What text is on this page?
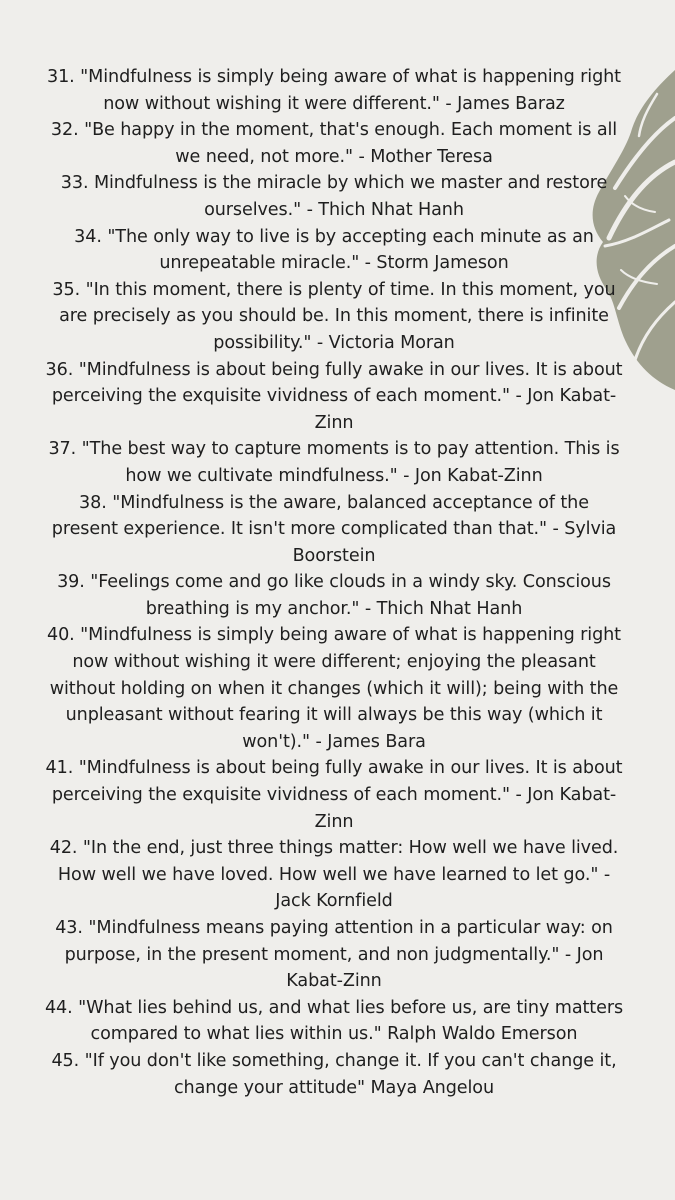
31. "Mindfulness is simply being aware of what is happening right now without wishing it were different." - James Baraz
32. "Be happy in the moment, that's enough. Each moment is all we need, not more." - Mother Teresa
33. Mindfulness is the miracle by which we master and restore ourselves." - Thich Nhat Hanh
34. "The only way to live is by accepting each minute as an unrepeatable miracle." - Storm Jameson
35. "In this moment, there is plenty of time. In this moment, you are precisely as you should be. In this moment, there is infinite possibility." - Victoria Moran
36. "Mindfulness is about being fully awake in our lives. It is about perceiving the exquisite vividness of each moment." - Jon Kabat-Zinn
37. "The best way to capture moments is to pay attention. This is how we cultivate mindfulness." - Jon Kabat-Zinn
38. "Mindfulness is the aware, balanced acceptance of the present experience. It isn't more complicated than that." - Sylvia Boorstein
39. "Feelings come and go like clouds in a windy sky. Conscious breathing is my anchor." - Thich Nhat Hanh
40. "Mindfulness is simply being aware of what is happening right now without wishing it were different; enjoying the pleasant without holding on when it changes (which it will); being with the unpleasant without fearing it will always be this way (which it won't)." - James Bara
41. "Mindfulness is about being fully awake in our lives. It is about perceiving the exquisite vividness of each moment." - Jon Kabat-Zinn
42. "In the end, just three things matter: How well we have lived. How well we have loved. How well we have learned to let go." - Jack Kornfield
43. "Mindfulness means paying attention in a particular way: on purpose, in the present moment, and non judgmentally." - Jon Kabat-Zinn
44. "What lies behind us, and what lies before us, are tiny matters compared to what lies within us." Ralph Waldo Emerson
45. "If you don't like something, change it. If you can't change it, change your attitude" Maya Angelou
